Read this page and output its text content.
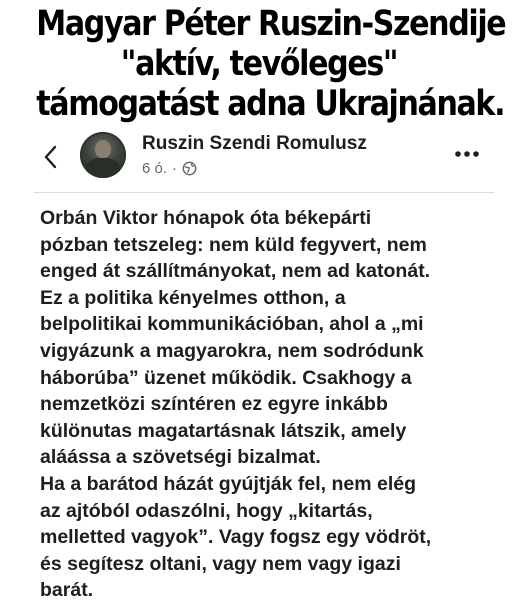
Magyar Péter Ruszin-Szendije
"aktív, tevőleges"
támogatást adna Ukrajnának.
Ruszin Szendi Romulusz
6 ó. ·
Orbán Viktor hónapok óta békepárti
pózban tetszeleg: nem küld fegyvert, nem
enged át szállítmányokat, nem ad katonát.
Ez a politika kényelmes otthon, a
belpolitikai kommunikációban, ahol a „mi
vigyázunk a magyarokra, nem sodródunk
háborúba” üzenet működik. Csakhogy a
nemzetközi színtéren ez egyre inkább
különutas magatartásnak látszik, amely
aláássa a szövetségi bizalmat.
Ha a barátod házát gyújtják fel, nem elég
az ajtóból odaszólni, hogy „kitartás,
melletted vagyok”. Vagy fogsz egy vödröt,
és segítesz oltani, vagy nem vagy igazi
barát.
